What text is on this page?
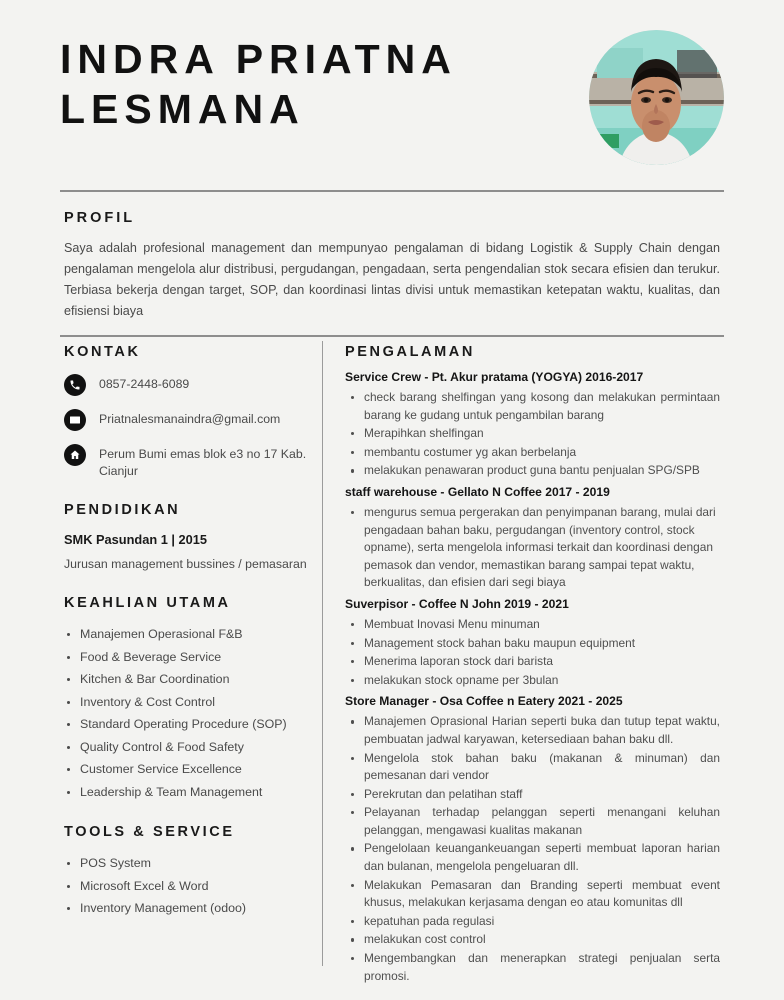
INDRA PRIATNA
LESMANA
PROFIL

Saya adalah profesional management dan mempunyao pengalaman di bidang Logistik & Supply Chain dengan pengalaman mengelola alur distribusi, pergudangan, pengadaan, serta pengendalian stok secara efisien dan terukur. Terbiasa bekerja dengan target, SOP, dan koordinasi lintas divisi untuk memastikan ketepatan waktu, kualitas, dan efisiensi biaya

KONTAK
0857-2448-6089
Priatnalesmanaindra@gmail.com
Perum Bumi emas blok e3 no 17 Kab. Cianjur
PENDIDIKAN

SMK Pasundan 1 | 2015

Jurusan management bussines / pemasaran

KEAHLIAN UTAMA
Manajemen Operasional F&B
Food & Beverage Service
Kitchen & Bar Coordination
Inventory & Cost Control
Standard Operating Procedure (SOP)
Quality Control & Food Safety
Customer Service Excellence
Leadership & Team Management
TOOLS & SERVICE
POS System
Microsoft Excel & Word
Inventory Management (odoo)
PENGALAMAN

Service Crew - Pt. Akur pratama (YOGYA) 2016-2017

check barang shelfingan yang kosong dan melakukan permintaan barang ke gudang untuk pengambilan barang
Merapihkan shelfingan
membantu costumer yg akan berbelanja
melakukan penawaran product guna bantu penjualan SPG/SPB

staff warehouse - Gellato N Coffee 2017 - 2019

mengurus semua pergerakan dan penyimpanan barang, mulai dari pengadaan bahan baku, pergudangan (inventory control, stock opname), serta mengelola informasi terkait dan koordinasi dengan pemasok dan vendor, memastikan barang sampai tepat waktu, berkualitas, dan efisien dari segi biaya

Suverpisor - Coffee N John 2019 - 2021

Membuat Inovasi Menu minuman
Management stock bahan baku maupun equipment
Menerima laporan stock dari barista
melakukan stock opname per 3bulan

Store Manager - Osa Coffee n Eatery 2021 - 2025

Manajemen Oprasional Harian seperti buka dan tutup tepat waktu, pembuatan jadwal karyawan, ketersediaan bahan baku dll.
Mengelola stok bahan baku (makanan & minuman) dan pemesanan dari vendor
Perekrutan dan pelatihan staff
Pelayanan terhadap pelanggan seperti menangani keluhan pelanggan, mengawasi kualitas makanan
Pengelolaan keuangankeuangan seperti membuat laporan harian dan bulanan, mengelola pengeluaran dll.
Melakukan Pemasaran dan Branding seperti membuat event khusus, melakukan kerjasama dengan eo atau komunitas dll
kepatuhan pada regulasi
melakukan cost control
Mengembangkan dan menerapkan strategi penjualan serta promosi.
